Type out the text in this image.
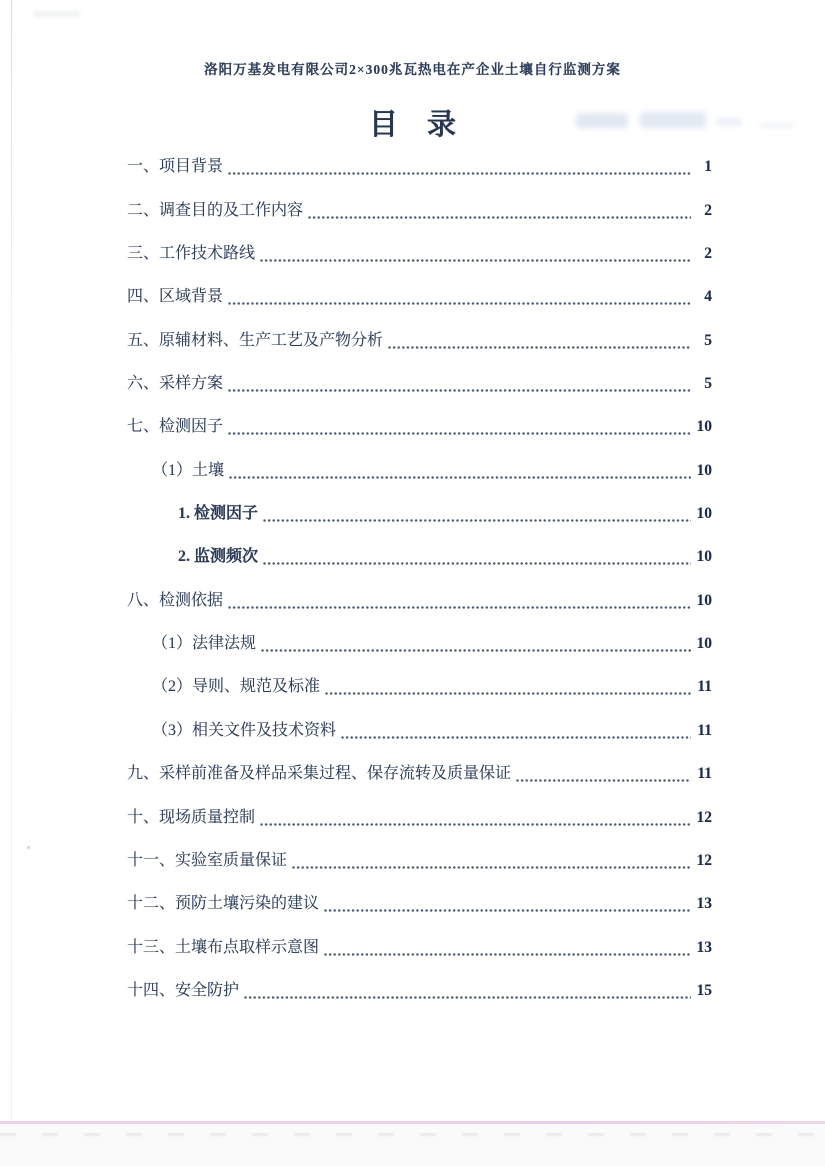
洛阳万基发电有限公司2×300兆瓦热电在产企业土壤自行监测方案
目　录
一、项目背景	1
二、调查目的及工作内容	2
三、工作技术路线	2
四、区域背景	4
五、原辅材料、生产工艺及产物分析	5
六、采样方案	5
七、检测因子	10
（1）土壤	10
1. 检测因子	10
2. 监测频次	10
八、检测依据	10
（1）法律法规	10
（2）导则、规范及标准	11
（3）相关文件及技术资料	11
九、采样前准备及样品采集过程、保存流转及质量保证	11
十、现场质量控制	12
十一、实验室质量保证	12
十二、预防土壤污染的建议	13
十三、土壤布点取样示意图	13
十四、安全防护	15
